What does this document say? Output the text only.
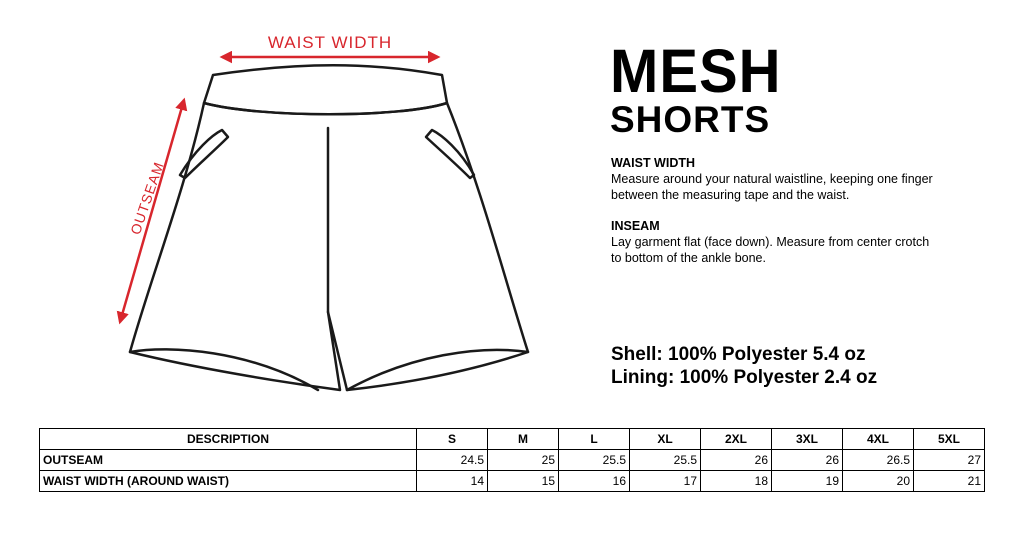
WAIST WIDTH
OUTSEAM
MESH
SHORTS
WAIST WIDTH

Measure around your natural waistline, keeping one finger between the measuring tape and the waist.

INSEAM

Lay garment flat (face down). Measure from center crotch to bottom of the ankle bone.

Shell: 100% Polyester 5.4 oz
Lining: 100% Polyester 2.4 oz
DESCRIPTION	S	M	L	XL	2XL	3XL	4XL	5XL
OUTSEAM	24.5	25	25.5	25.5	26	26	26.5	27
WAIST WIDTH (AROUND WAIST)	14	15	16	17	18	19	20	21
